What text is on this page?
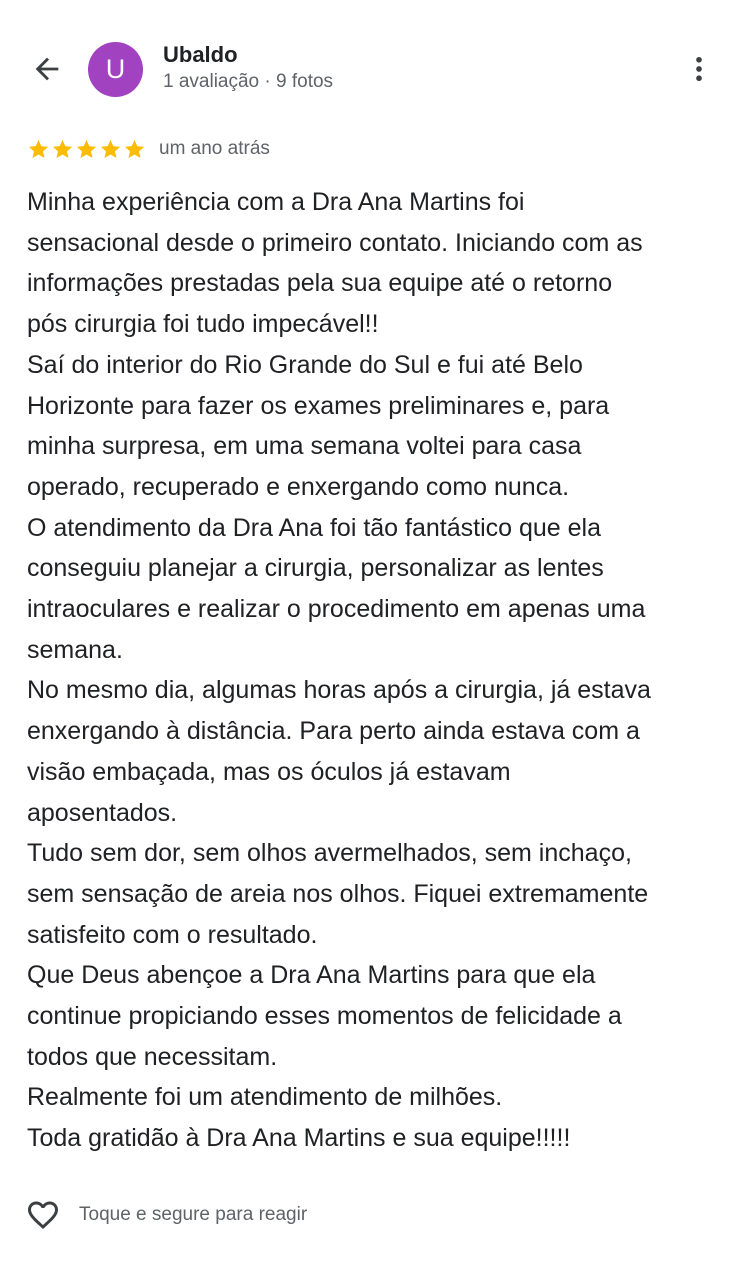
U Ubaldo
1 avaliação · 9 fotos
um ano atrás
Minha experiência com a Dra Ana Martins foi
sensacional desde o primeiro contato. Iniciando com as
informações prestadas pela sua equipe até o retorno
pós cirurgia foi tudo impecável!!
Saí do interior do Rio Grande do Sul e fui até Belo
Horizonte para fazer os exames preliminares e, para
minha surpresa, em uma semana voltei para casa
operado, recuperado e enxergando como nunca.
O atendimento da Dra Ana foi tão fantástico que ela
conseguiu planejar a cirurgia, personalizar as lentes
intraoculares e realizar o procedimento em apenas uma
semana.
No mesmo dia, algumas horas após a cirurgia, já estava
enxergando à distância. Para perto ainda estava com a
visão embaçada, mas os óculos já estavam
aposentados.
Tudo sem dor, sem olhos avermelhados, sem inchaço,
sem sensação de areia nos olhos. Fiquei extremamente
satisfeito com o resultado.
Que Deus abençoe a Dra Ana Martins para que ela
continue propiciando esses momentos de felicidade a
todos que necessitam.
Realmente foi um atendimento de milhões.
Toda gratidão à Dra Ana Martins e sua equipe!!!!!
Toque e segure para reagir
